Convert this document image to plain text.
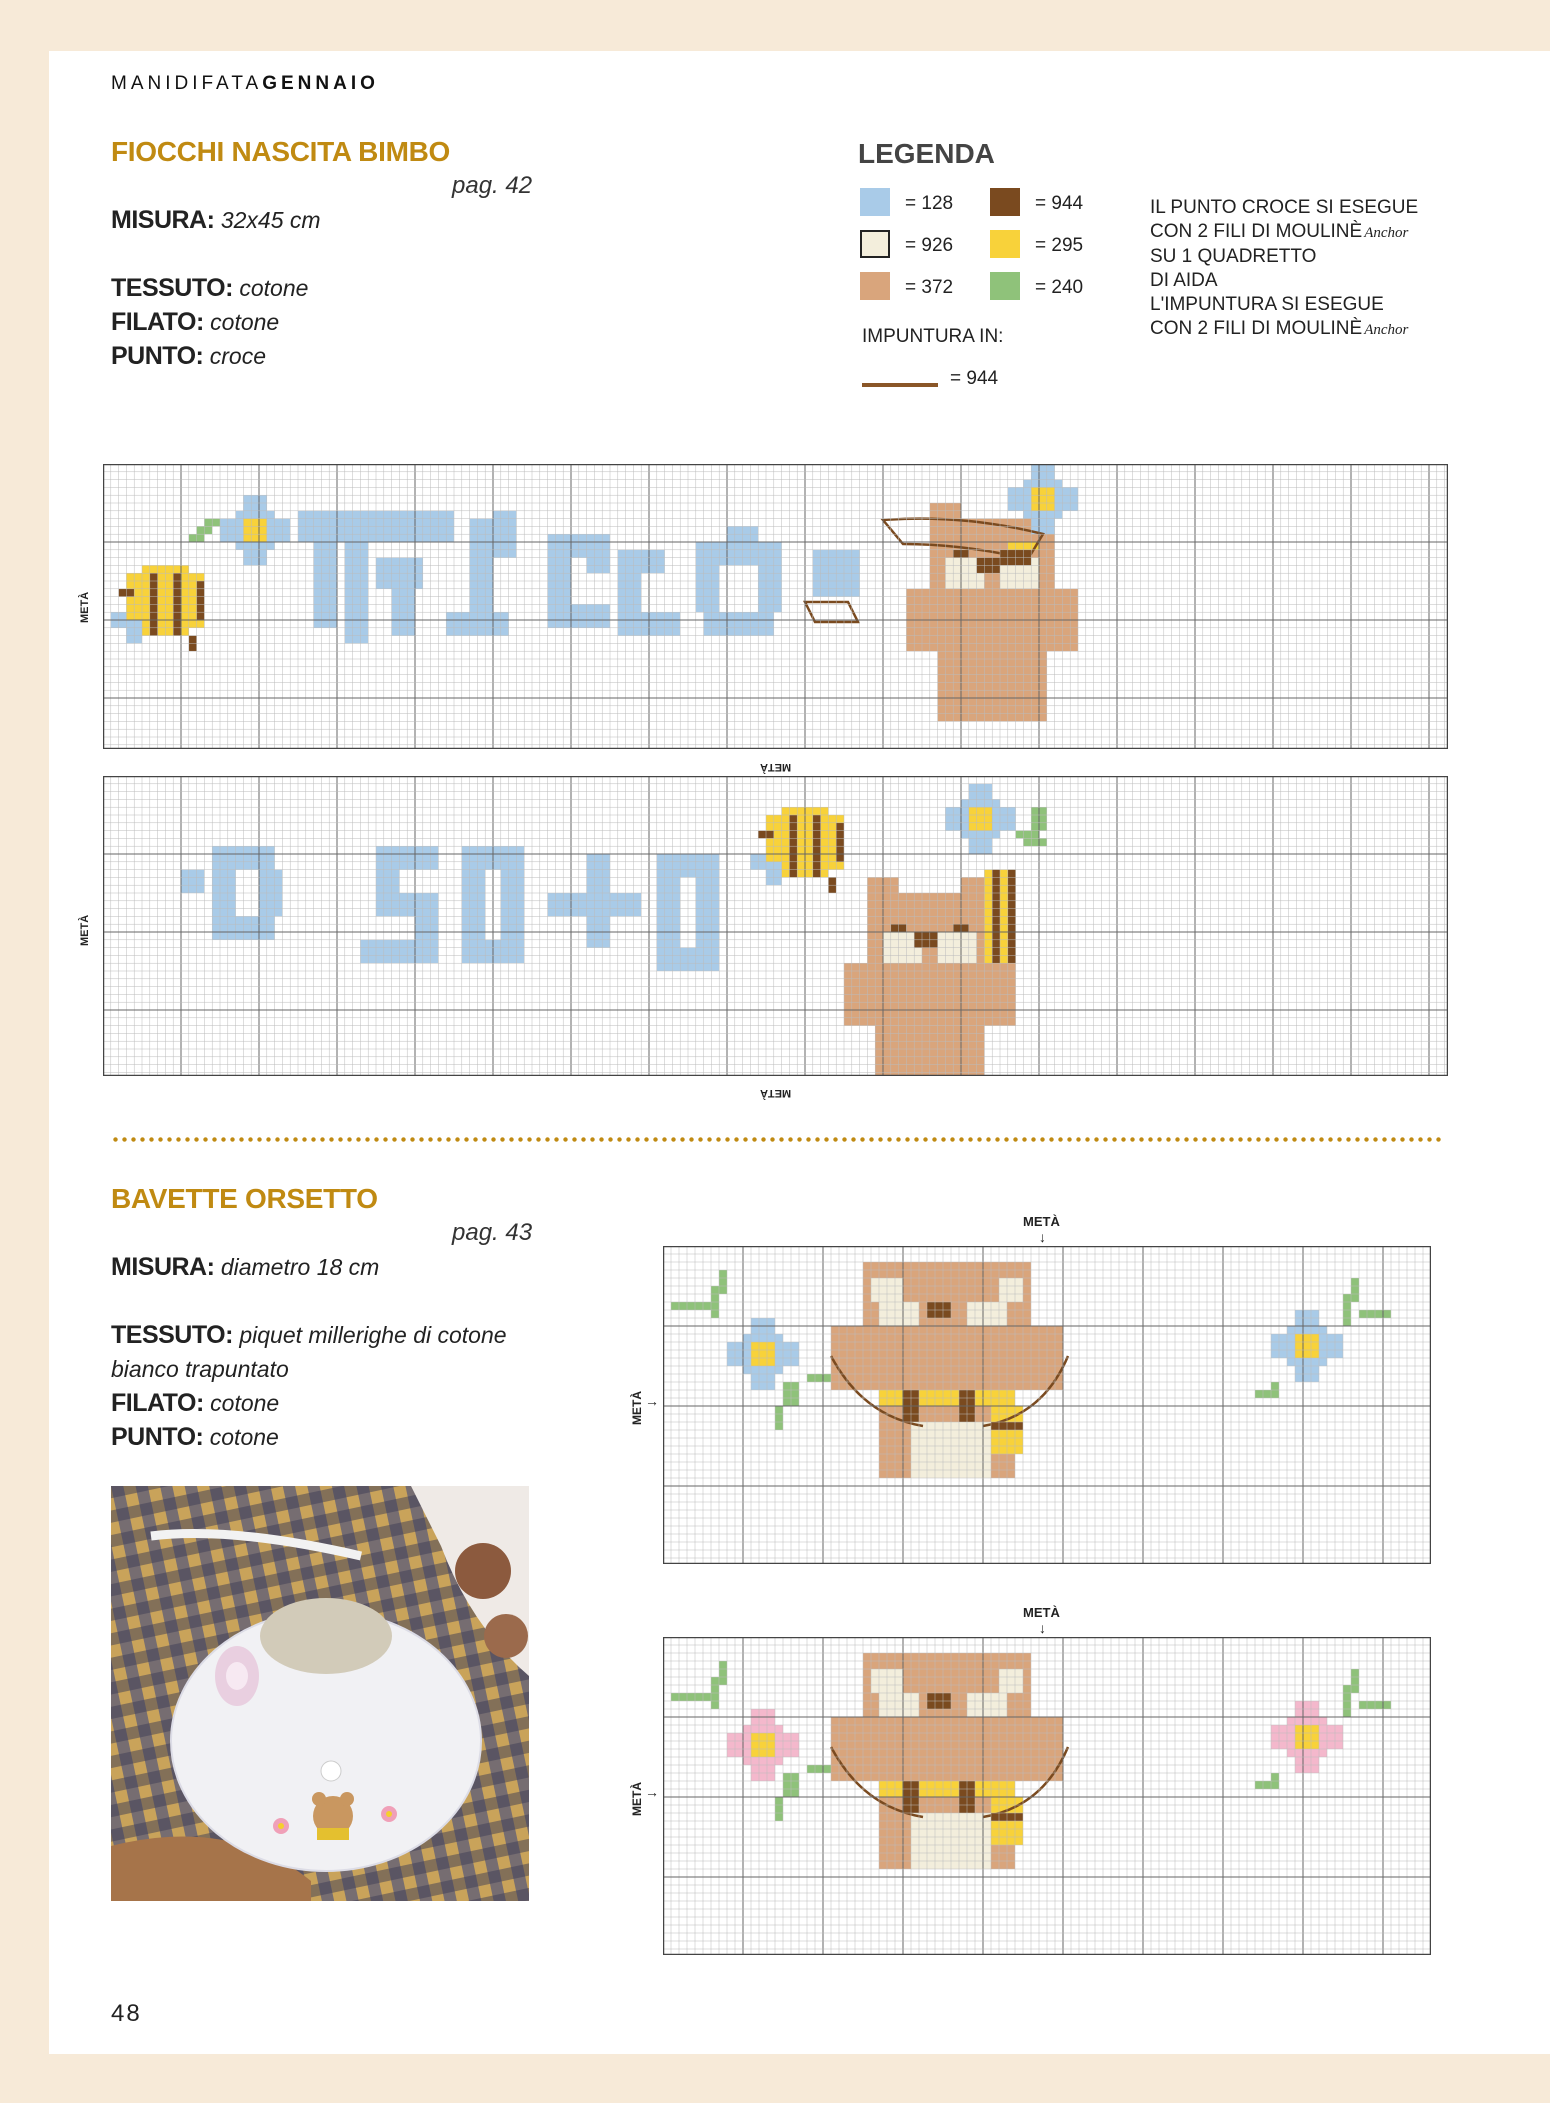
MANIDIFATAGENNAIO
FIOCCHI NASCITA BIMBO
pag. 42
MISURA: 32x45 cm
TESSUTO: cotone
FILATO: cotone
PUNTO: croce
LEGENDA
= 128	= 944
= 926	= 295
= 372	= 240
IMPUNTURA IN:
= 944
IL PUNTO CROCE SI ESEGUE
CON 2 FILI DI MOULINÈ Anchor
SU 1 QUADRETTO
DI AIDA
L'IMPUNTURA SI ESEGUE
CON 2 FILI DI MOULINÈ Anchor
METÀ
METÀ
METÀ
METÀ
BAVETTE ORSETTO
pag. 43
MISURA: diametro 18 cm
TESSUTO: piquet millerighe di cotone
bianco trapuntato
FILATO: cotone
PUNTO: cotone
METÀ
↓
METÀ →
METÀ
↓
METÀ →
48
